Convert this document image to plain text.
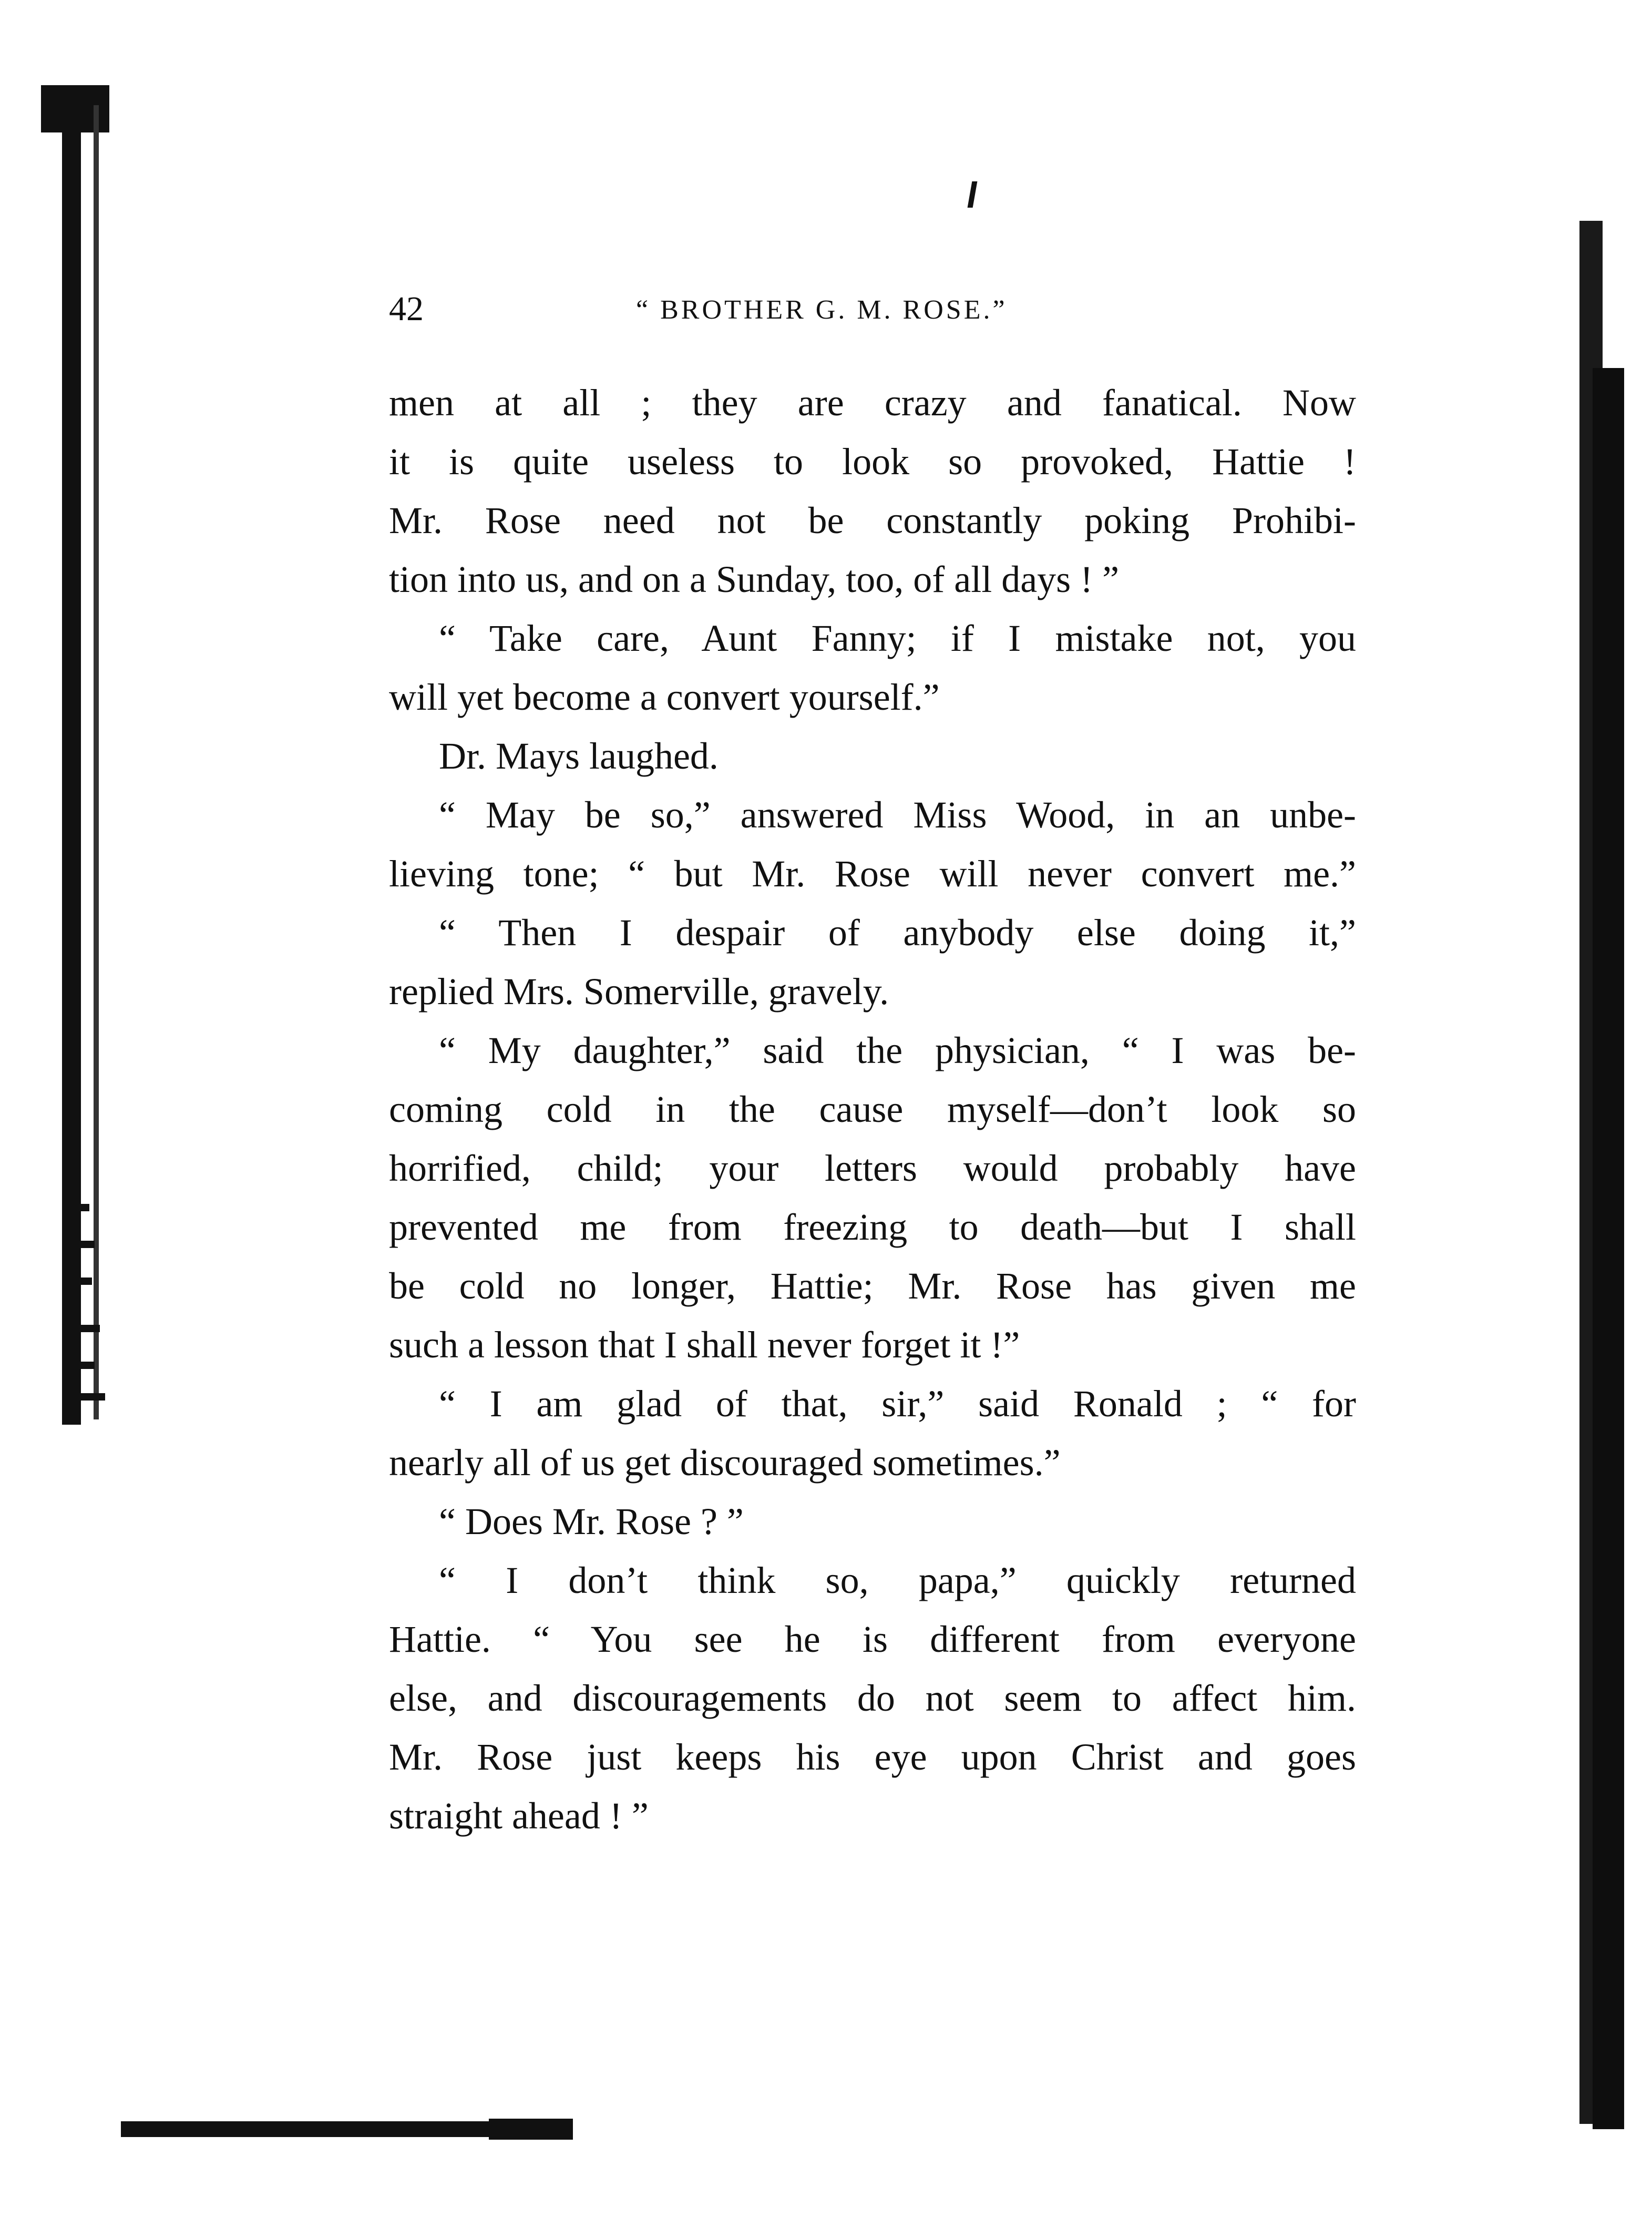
42	“ BROTHER G. M. ROSE.”
men at all ; they are crazy and fanatical. Now
it is quite useless to look so provoked, Hattie !
Mr. Rose need not be constantly poking Prohibi-
tion into us, and on a Sunday, too, of all days ! ”
“ Take care, Aunt Fanny; if I mistake not, you
will yet become a convert yourself.”
Dr. Mays laughed.
“ May be so,” answered Miss Wood, in an unbe-
lieving tone; “ but Mr. Rose will never convert me.”
“ Then I despair of anybody else doing it,”
replied Mrs. Somerville, gravely.
“ My daughter,” said the physician, “ I was be-
coming cold in the cause myself—don’t look so
horrified, child; your letters would probably have
prevented me from freezing to death—but I shall
be cold no longer, Hattie; Mr. Rose has given me
such a lesson that I shall never forget it !”
“ I am glad of that, sir,” said Ronald ; “ for
nearly all of us get discouraged sometimes.”
“ Does Mr. Rose ? ”
“ I don’t think so, papa,” quickly returned
Hattie. “ You see he is different from everyone
else, and discouragements do not seem to affect him.
Mr. Rose just keeps his eye upon Christ and goes
straight ahead ! ”
